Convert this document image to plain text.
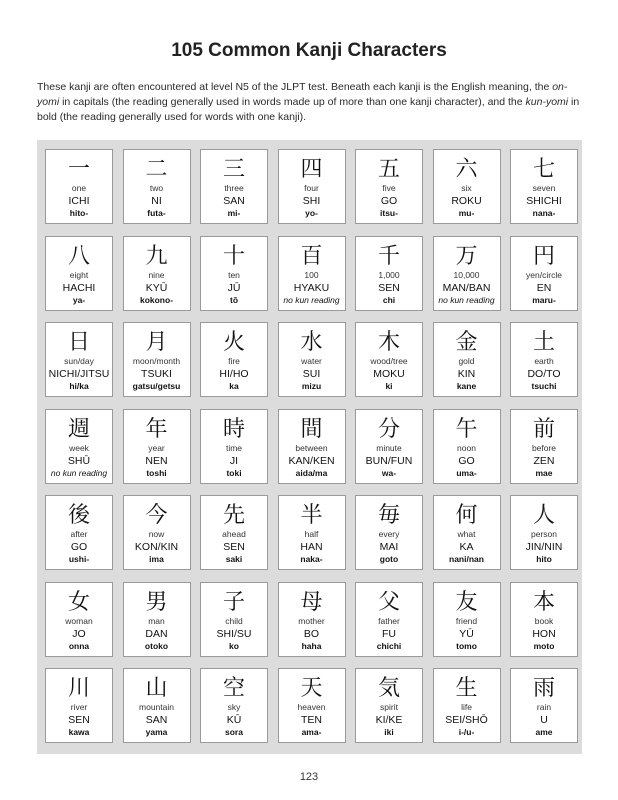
105 Common Kanji Characters
These kanji are often encountered at level N5 of the JLPT test. Beneath each kanji is the English meaning, the on-yomi in capitals (the reading generally used in words made up of more than one kanji character), and the kun-yomi in bold (the reading generally used for words with one kanji).
一
one
ICHI
hito-
二
two
NI
futa-
三
three
SAN
mi-
四
four
SHI
yo-
五
five
GO
itsu-
六
six
ROKU
mu-
七
seven
SHICHI
nana-
八
eight
HACHI
ya-
九
nine
KYŪ
kokono-
十
ten
JŪ
tō
百
100
HYAKU
no kun reading
千
1,000
SEN
chi
万
10,000
MAN/BAN
no kun reading
円
yen/circle
EN
maru-
日
sun/day
NICHI/JITSU
hi/ka
月
moon/month
TSUKI
gatsu/getsu
火
fire
HI/HO
ka
水
water
SUI
mizu
木
wood/tree
MOKU
ki
金
gold
KIN
kane
土
earth
DO/TO
tsuchi
週
week
SHŪ
no kun reading
年
year
NEN
toshi
時
time
JI
toki
間
between
KAN/KEN
aida/ma
分
minute
BUN/FUN
wa-
午
noon
GO
uma-
前
before
ZEN
mae
後
after
GO
ushi-
今
now
KON/KIN
ima
先
ahead
SEN
saki
半
half
HAN
naka-
毎
every
MAI
goto
何
what
KA
nani/nan
人
person
JIN/NIN
hito
女
woman
JO
onna
男
man
DAN
otoko
子
child
SHI/SU
ko
母
mother
BO
haha
父
father
FU
chichi
友
friend
YŪ
tomo
本
book
HON
moto
川
river
SEN
kawa
山
mountain
SAN
yama
空
sky
KŪ
sora
天
heaven
TEN
ama-
気
spirit
KI/KE
iki
生
life
SEI/SHŌ
i-/u-
雨
rain
U
ame
123
